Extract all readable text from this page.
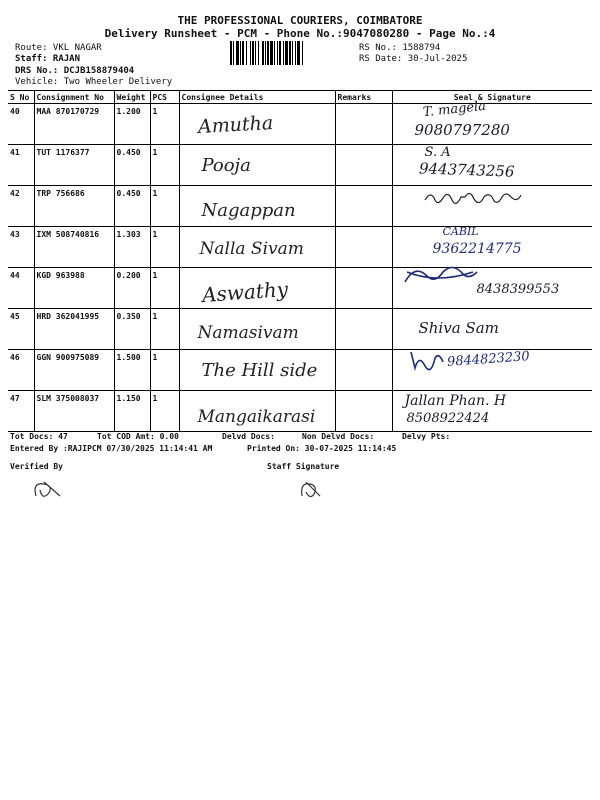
THE PROFESSIONAL COURIERS, COIMBATORE
Delivery Runsheet - PCM - Phone No.:9047080280 - Page No.:4
Route: VKL NAGAR
Staff: RAJAN
DRS No.: DCJB158879404
Vehicle: Two Wheeler Delivery
RS No.: 1588794
RS Date: 30-Jul-2025
S No	Consignment No	Weight	PCS	Consignee Details	Remarks	Seal & Signature
40	MAA 870170729	1.200	1	Amutha		T. magela
9080797280

41	TUT 1176377	0.450	1	Pooja		S. A
9443743256

42	TRP 756686	0.450	1	Nagappan

43	IXM 508740816	1.303	1	Nalla Sivam		CABIL
9362214775

44	KGD 963988	0.200	1	Aswathy		8438399553

45	HRD 362041995	0.350	1	Namasivam		Shiva Sam

46	GGN 900975089	1.500	1	The Hill side		9844823230

47	SLM 375008037	1.150	1	Mangaikarasi		Jallan Phan. H
8508922424
Tot Docs: 47	Tot COD Amt: 0.00	Delvd Docs:	Non Delvd Docs:	Delvy Pts:
Entered By :RAJIPCM 07/30/2025 11:14:41 AM	Printed On: 30-07-2025 11:14:45
Verified By	Staff Signature
